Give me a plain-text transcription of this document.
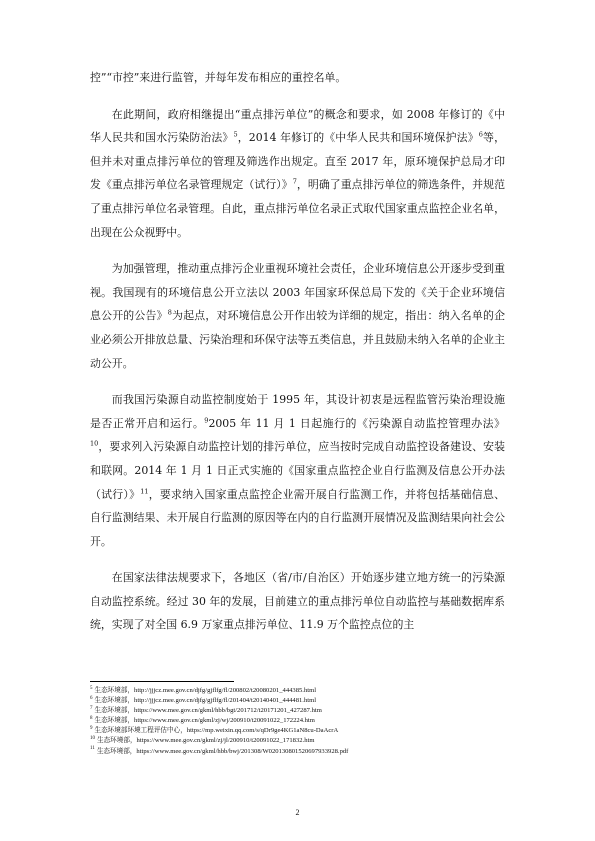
控”“市控”来进行监管，并每年发布相应的重控名单。

在此期间，政府相继提出“重点排污单位”的概念和要求，如 2008 年修订的《中华人民共和国水污染防治法》$^5$，2014 年修订的《中华人民共和国环境保护法》$^6$等，但并未对重点排污单位的管理及筛选作出规定。直至 2017 年，原环境保护总局才印发《重点排污单位名录管理规定（试行）》$^7$，明确了重点排污单位的筛选条件，并规范了重点排污单位名录管理。自此，重点排污单位名录正式取代国家重点监控企业名单，出现在公众视野中。

为加强管理，推动重点排污企业重视环境社会责任，企业环境信息公开逐步受到重视。我国现有的环境信息公开立法以 2003 年国家环保总局下发的《关于企业环境信息公开的公告》$^8$为起点，对环境信息公开作出较为详细的规定，指出：纳入名单的企业必须公开排放总量、污染治理和环保守法等五类信息，并且鼓励未纳入名单的企业主动公开。

而我国污染源自动监控制度始于 1995 年，其设计初衷是远程监管污染治理设施是否正常开启和运行。$^9$2005 年 11 月 1 日起施行的《污染源自动监控管理办法》$^{10}$，要求列入污染源自动监控计划的排污单位，应当按时完成自动监控设备建设、安装和联网。2014 年 1 月 1 日正式实施的《国家重点监控企业自行监测及信息公开办法（试行）》$^{11}$，要求纳入国家重点监控企业需开展自行监测工作，并将包括基础信息、自行监测结果、未开展自行监测的原因等在内的自行监测开展情况及监测结果向社会公开。

在国家法律法规要求下，各地区（省/市/自治区）开始逐步建立地方统一的污染源自动监控系统。经过 30 年的发展，目前建立的重点排污单位自动监控与基础数据库系统，实现了对全国 6.9 万家重点排污单位、11.9 万个监控点位的主

$^5$ 生态环境部，http://jjjcz.mee.gov.cn/djfg/gjflfg/fl/200802/t20080201_444385.html
$^6$ 生态环境部，http://jjjcz.mee.gov.cn/djfg/gjflfg/fl/201404/t20140401_444481.html
$^7$ 生态环境部，https://www.mee.gov.cn/gkml/hbb/bgt/201712/t20171201_427287.htm
$^8$ 生态环境部，https://www.mee.gov.cn/gkml/zj/wj/200910/t20091022_172224.htm
$^9$ 生态环境部环境工程评估中心，https://mp.weixin.qq.com/s/qDr9ge4KG1aN8cu-DaAcrA
$^{10}$ 生态环境部，https://www.mee.gov.cn/gkml/zj/jl/200910/t20091022_171832.htm
$^{11}$ 生态环境部，https://www.mee.gov.cn/gkml/hbb/bwj/201308/W020130801520697933928.pdf
2
